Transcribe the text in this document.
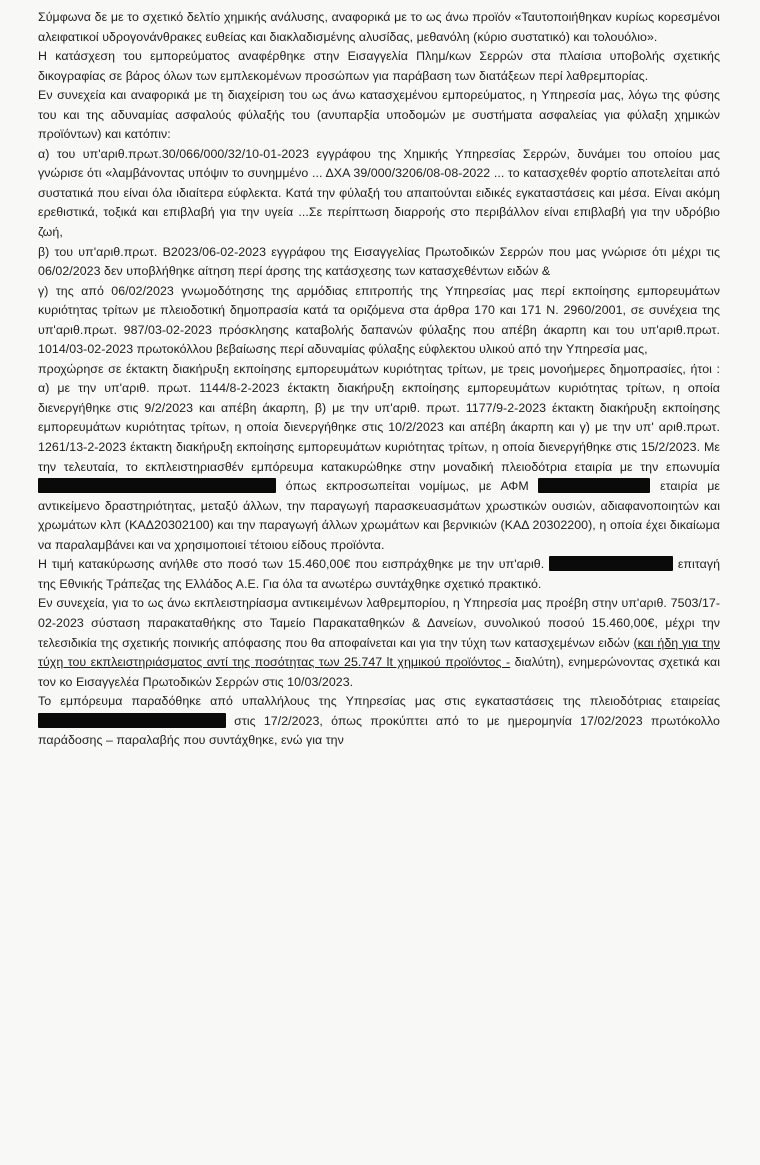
Σύμφωνα δε με το σχετικό δελτίο χημικής ανάλυσης, αναφορικά με το ως άνω προϊόν «Ταυτοποιήθηκαν κυρίως κορεσμένοι αλειφατικοί υδρογονάνθρακες ευθείας και διακλαδισμένης αλυσίδας, μεθανόλη (κύριο συστατικό) και τολουόλιο».

Η κατάσχεση του εμπορεύματος αναφέρθηκε στην Εισαγγελία Πλημ/κων Σερρών στα πλαίσια υποβολής σχετικής δικογραφίας σε βάρος όλων των εμπλεκομένων προσώπων για παράβαση των διατάξεων περί λαθρεμπορίας.

Εν συνεχεία και αναφορικά με τη διαχείριση του ως άνω κατασχεμένου εμπορεύματος, η Υπηρεσία μας, λόγω της φύσης του και της αδυναμίας ασφαλούς φύλαξής του (ανυπαρξία υποδομών με συστήματα ασφαλείας για φύλαξη χημικών προϊόντων) και κατόπιν:

α) του υπ'αριθ.πρωτ.30/066/000/32/10-01-2023 εγγράφου της Χημικής Υπηρεσίας Σερρών, δυνάμει του οποίου μας γνώρισε ότι «λαμβάνοντας υπόψιν το συνημμένο ... ΔΧΑ 39/000/3206/08-08-2022 ... το κατασχεθέν φορτίο αποτελείται από συστατικά που είναι όλα ιδιαίτερα εύφλεκτα. Κατά την φύλαξή του απαιτούνται ειδικές εγκαταστάσεις και μέσα. Είναι ακόμη ερεθιστικά, τοξικά και επιβλαβή για την υγεία ...Σε περίπτωση διαρροής στο περιβάλλον είναι επιβλαβή για την υδρόβιο ζωή,

β) του υπ'αριθ.πρωτ. Β2023/06-02-2023 εγγράφου της Εισαγγελίας Πρωτοδικών Σερρών που μας γνώρισε ότι μέχρι τις 06/02/2023 δεν υποβλήθηκε αίτηση περί άρσης της κατάσχεσης των κατασχεθέντων ειδών &

γ) της από 06/02/2023 γνωμοδότησης της αρμόδιας επιτροπής της Υπηρεσίας μας περί εκποίησης εμπορευμάτων κυριότητας τρίτων με πλειοδοτική δημοπρασία κατά τα οριζόμενα στα άρθρα 170 και 171 Ν. 2960/2001, σε συνέχεια της υπ'αριθ.πρωτ. 987/03-02-2023 πρόσκλησης καταβολής δαπανών φύλαξης που απέβη άκαρπη και του υπ'αριθ.πρωτ. 1014/03-02-2023 πρωτοκόλλου βεβαίωσης περί αδυναμίας φύλαξης εύφλεκτου υλικού από την Υπηρεσία μας,

προχώρησε σε έκτακτη διακήρυξη εκποίησης εμπορευμάτων κυριότητας τρίτων, με τρεις μονοήμερες δημοπρασίες, ήτοι : α) με την υπ'αριθ. πρωτ. 1144/8-2-2023 έκτακτη διακήρυξη εκποίησης εμπορευμάτων κυριότητας τρίτων, η οποία διενεργήθηκε στις 9/2/2023 και απέβη άκαρπη, β) με την υπ'αριθ. πρωτ. 1177/9-2-2023 έκτακτη διακήρυξη εκποίησης εμπορευμάτων κυριότητας τρίτων, η οποία διενεργήθηκε στις 10/2/2023 και απέβη άκαρπη και γ) με την υπ' αριθ.πρωτ. 1261/13-2-2023 έκτακτη διακήρυξη εκποίησης εμπορευμάτων κυριότητας τρίτων, η οποία διενεργήθηκε στις 15/2/2023. Με την τελευταία, το εκπλειστηριασθέν εμπόρευμα κατακυρώθηκε στην μοναδική πλειοδότρια εταιρία με την επωνυμία  όπως εκπροσωπείται νομίμως, με ΑΦΜ	εταιρία με αντικείμενο δραστηριότητας, μεταξύ άλλων, την παραγωγή παρασκευασμάτων χρωστικών ουσιών, αδιαφανοποιητών και χρωμάτων κλπ (ΚΑΔ20302100) και την παραγωγή άλλων χρωμάτων και βερνικιών (ΚΑΔ 20302200), η οποία έχει δικαίωμα να παραλαμβάνει και να χρησιμοποιεί τέτοιου είδους προϊόντα.

Η τιμή κατακύρωσης ανήλθε στο ποσό των 15.460,00€ που εισπράχθηκε με την υπ'αριθ.	επιταγή της Εθνικής Τράπεζας της Ελλάδος Α.Ε. Για όλα τα ανωτέρω συντάχθηκε σχετικό πρακτικό.

Εν συνεχεία, για το ως άνω εκπλειστηρίασμα αντικειμένων λαθρεμπορίου, η Υπηρεσία μας προέβη στην υπ'αριθ. 7503/17-02-2023 σύσταση παρακαταθήκης στο Ταμείο Παρακαταθηκών & Δανείων, συνολικού ποσού 15.460,00€, μέχρι την τελεσιδικία της σχετικής ποινικής απόφασης που θα αποφαίνεται και για την τύχη των κατασχεμένων ειδών (και ήδη για την τύχη του εκπλειστηριάσματος αντί της ποσότητας των 25.747 lt χημικού προϊόντος - διαλύτη), ενημερώνοντας σχετικά και τον κο Εισαγγελέα Πρωτοδικών Σερρών στις 10/03/2023.

Το εμπόρευμα παραδόθηκε από υπαλλήλους της Υπηρεσίας μας στις εγκαταστάσεις της πλειοδότριας εταιρείας στις 17/2/2023, όπως προκύπτει από το με ημερομηνία 17/02/2023 πρωτόκολλο παράδοσης – παραλαβής που συντάχθηκε, ενώ για την
